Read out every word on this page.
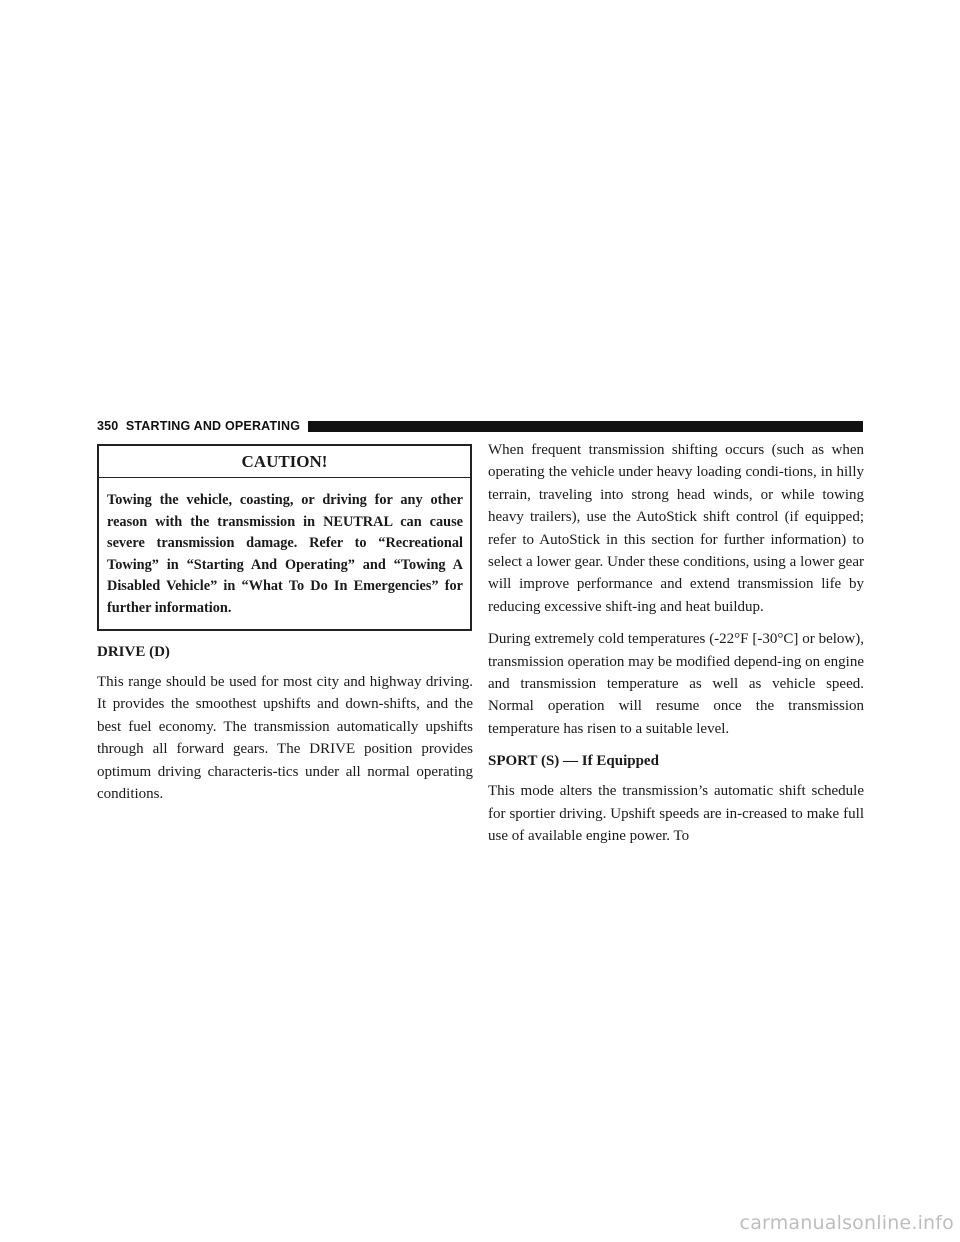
350 STARTING AND OPERATING
CAUTION!
Towing the vehicle, coasting, or driving for any other reason with the transmission in NEUTRAL can cause severe transmission damage. Refer to “Recreational Towing” in “Starting And Operating” and “Towing A Disabled Vehicle” in “What To Do In Emergencies” for further information.
DRIVE (D)

This range should be used for most city and highway driving. It provides the smoothest upshifts and down-shifts, and the best fuel economy. The transmission automatically upshifts through all forward gears. The DRIVE position provides optimum driving characteris-tics under all normal operating conditions.

When frequent transmission shifting occurs (such as when operating the vehicle under heavy loading condi-tions, in hilly terrain, traveling into strong head winds, or while towing heavy trailers), use the AutoStick shift control (if equipped; refer to AutoStick in this section for further information) to select a lower gear. Under these conditions, using a lower gear will improve performance and extend transmission life by reducing excessive shift-ing and heat buildup.

During extremely cold temperatures (-22°F [-30°C] or below), transmission operation may be modified depend-ing on engine and transmission temperature as well as vehicle speed. Normal operation will resume once the transmission temperature has risen to a suitable level.

SPORT (S) — If Equipped

This mode alters the transmission’s automatic shift schedule for sportier driving. Upshift speeds are in-creased to make full use of available engine power. To

carmanualsonline.info
